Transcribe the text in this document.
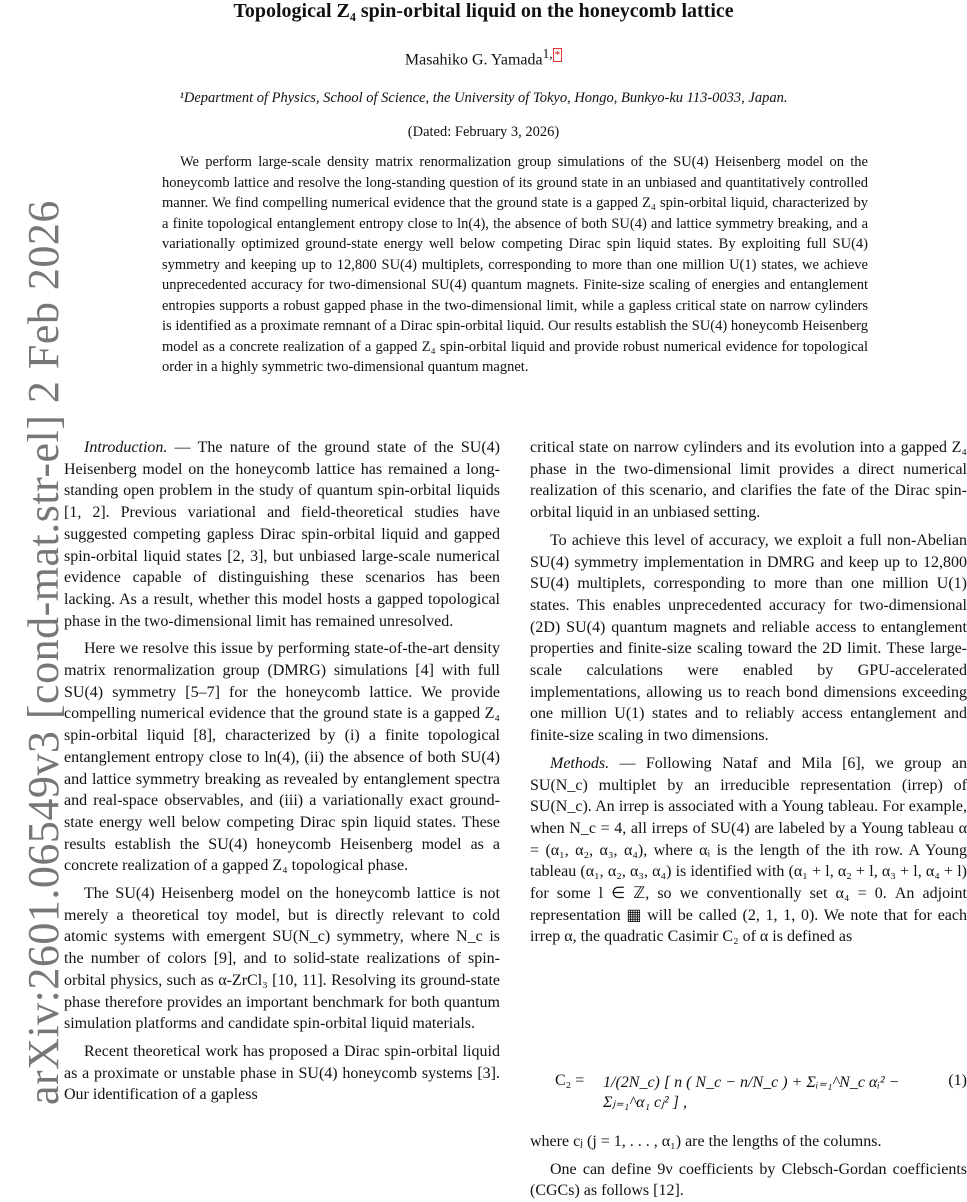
arXiv:2601.06549v3 [cond-mat.str-el] 2 Feb 2026
Topological Z₄ spin-orbital liquid on the honeycomb lattice
Masahiko G. Yamada$^{1,}$ *
¹Department of Physics, School of Science, the University of Tokyo, Hongo, Bunkyo-ku 113-0033, Japan.
(Dated: February 3, 2026)

We perform large-scale density matrix renormalization group simulations of the SU(4) Heisenberg model on the honeycomb lattice and resolve the long-standing question of its ground state in an unbiased and quantitatively controlled manner. We find compelling numerical evidence that the ground state is a gapped Z₄ spin-orbital liquid, characterized by a finite topological entanglement entropy close to ln(4), the absence of both SU(4) and lattice symmetry breaking, and a variationally optimized ground-state energy well below competing Dirac spin liquid states. By exploiting full SU(4) symmetry and keeping up to 12,800 SU(4) multiplets, corresponding to more than one million U(1) states, we achieve unprecedented accuracy for two-dimensional SU(4) quantum magnets. Finite-size scaling of energies and entanglement entropies supports a robust gapped phase in the two-dimensional limit, while a gapless critical state on narrow cylinders is identified as a proximate remnant of a Dirac spin-orbital liquid. Our results establish the SU(4) honeycomb Heisenberg model as a concrete realization of a gapped Z₄ spin-orbital liquid and provide robust numerical evidence for topological order in a highly symmetric two-dimensional quantum magnet.

Introduction. — The nature of the ground state of the SU(4) Heisenberg model on the honeycomb lattice has remained a long-standing open problem in the study of quantum spin-orbital liquids [1, 2]. Previous variational and field-theoretical studies have suggested competing gapless Dirac spin-orbital liquid and gapped spin-orbital liquid states [2, 3], but unbiased large-scale numerical evidence capable of distinguishing these scenarios has been lacking. As a result, whether this model hosts a gapped topological phase in the two-dimensional limit has remained unresolved.

Here we resolve this issue by performing state-of-the-art density matrix renormalization group (DMRG) simulations [4] with full SU(4) symmetry [5–7] for the honeycomb lattice. We provide compelling numerical evidence that the ground state is a gapped Z₄ spin-orbital liquid [8], characterized by (i) a finite topological entanglement entropy close to ln(4), (ii) the absence of both SU(4) and lattice symmetry breaking as revealed by entanglement spectra and real-space observables, and (iii) a variationally exact ground-state energy well below competing Dirac spin liquid states. These results establish the SU(4) honeycomb Heisenberg model as a concrete realization of a gapped Z₄ topological phase.

The SU(4) Heisenberg model on the honeycomb lattice is not merely a theoretical toy model, but is directly relevant to cold atomic systems with emergent SU(N_c) symmetry, where N_c is the number of colors [9], and to solid-state realizations of spin-orbital physics, such as α-ZrCl₃ [10, 11]. Resolving its ground-state phase therefore provides an important benchmark for both quantum simulation platforms and candidate spin-orbital liquid materials.

Recent theoretical work has proposed a Dirac spin-orbital liquid as a proximate or unstable phase in SU(4) honeycomb systems [3]. Our identification of a gapless

critical state on narrow cylinders and its evolution into a gapped Z₄ phase in the two-dimensional limit provides a direct numerical realization of this scenario, and clarifies the fate of the Dirac spin-orbital liquid in an unbiased setting.

To achieve this level of accuracy, we exploit a full non-Abelian SU(4) symmetry implementation in DMRG and keep up to 12,800 SU(4) multiplets, corresponding to more than one million U(1) states. This enables unprecedented accuracy for two-dimensional (2D) SU(4) quantum magnets and reliable access to entanglement properties and finite-size scaling toward the 2D limit. These large-scale calculations were enabled by GPU-accelerated implementations, allowing us to reach bond dimensions exceeding one million U(1) states and to reliably access entanglement and finite-size scaling in two dimensions.

Methods. — Following Nataf and Mila [6], we group an SU(N_c) multiplet by an irreducible representation (irrep) of SU(N_c). An irrep is associated with a Young tableau. For example, when N_c = 4, all irreps of SU(4) are labeled by a Young tableau α = (α₁, α₂, α₃, α₄), where αᵢ is the length of the ith row. A Young tableau (α₁, α₂, α₃, α₄) is identified with (α₁ + l, α₂ + l, α₃ + l, α₄ + l) for some l ∈ ℤ, so we conventionally set α₄ = 0. An adjoint representation ▦ will be called (2, 1, 1, 0). We note that for each irrep α, the quadratic Casimir C₂ of α is defined as

C₂ = 1/(2N_c) [ n ( N_c − n/N_c ) + Σᵢ₌₁^N_c αᵢ² − Σⱼ₌₁^α₁ cⱼ² ] ,
(1)

where cⱼ (j = 1, . . . , α₁) are the lengths of the columns.

One can define 9ν coefficients by Clebsch-Gordan coefficients (CGCs) as follows [12].
